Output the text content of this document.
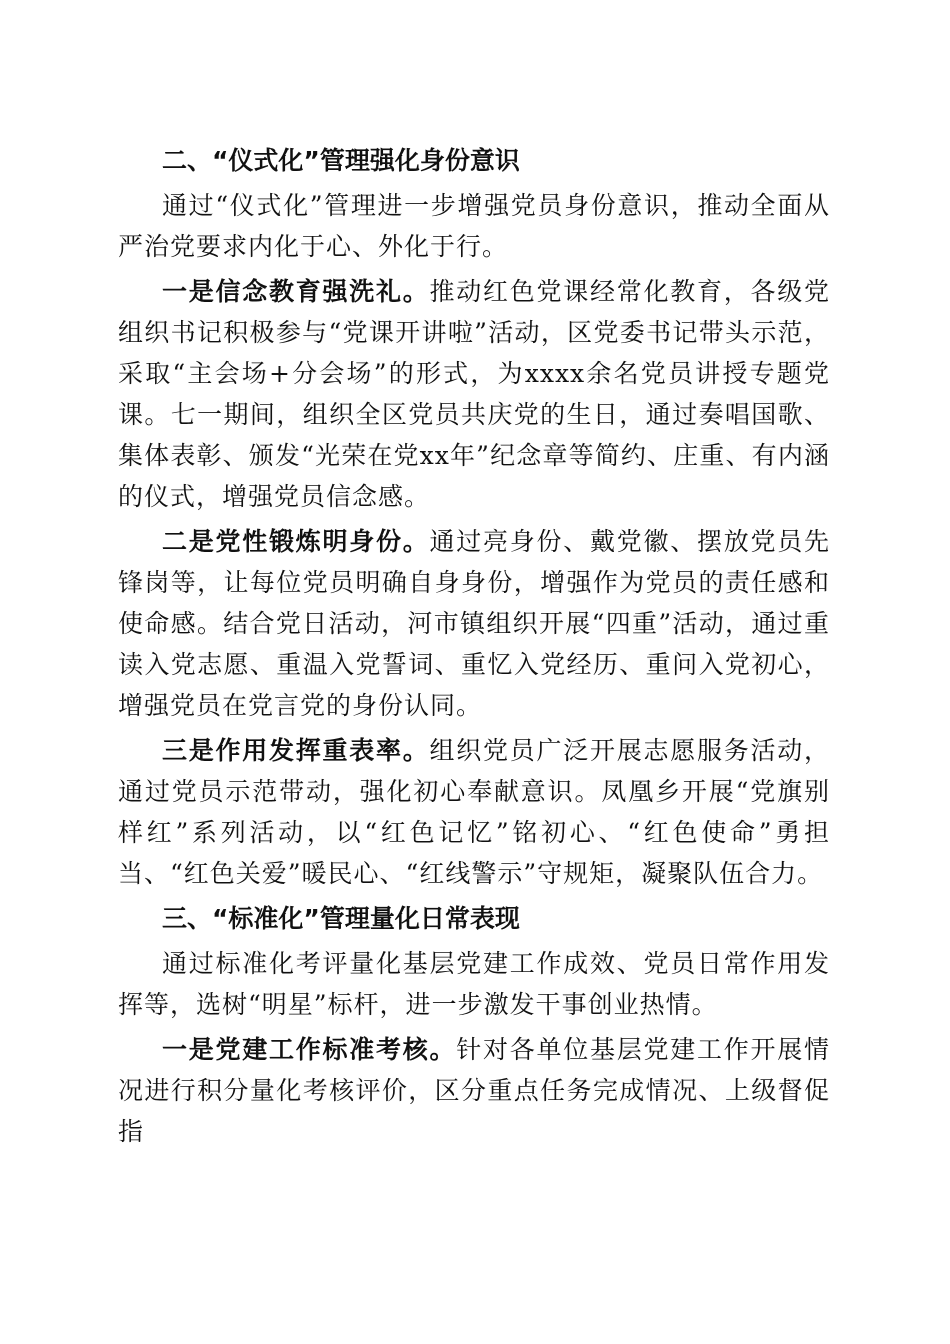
二、“仪式化”管理强化身份意识

通过“仪式化”管理进一步增强党员身份意识，推动全面从严治党要求内化于心、外化于行。

一是信念教育强洗礼。推动红色党课经常化教育，各级党组织书记积极参与“党课开讲啦”活动，区党委书记带头示范，采取“主会场+分会场”的形式，为xxxx余名党员讲授专题党课。七一期间，组织全区党员共庆党的生日，通过奏唱国歌、集体表彰、颁发“光荣在党xx年”纪念章等简约、庄重、有内涵的仪式，增强党员信念感。

二是党性锻炼明身份。通过亮身份、戴党徽、摆放党员先锋岗等，让每位党员明确自身身份，增强作为党员的责任感和使命感。结合党日活动，河市镇组织开展“四重”活动，通过重读入党志愿、重温入党誓词、重忆入党经历、重问入党初心，增强党员在党言党的身份认同。

三是作用发挥重表率。组织党员广泛开展志愿服务活动，通过党员示范带动，强化初心奉献意识。凤凰乡开展“党旗别样红”系列活动，以“红色记忆”铭初心、“红色使命”勇担当、“红色关爱”暖民心、“红线警示”守规矩，凝聚队伍合力。

三、“标准化”管理量化日常表现

通过标准化考评量化基层党建工作成效、党员日常作用发挥等，选树“明星”标杆，进一步激发干事创业热情。

一是党建工作标准考核。针对各单位基层党建工作开展情况进行积分量化考核评价，区分重点任务完成情况、上级督促指
